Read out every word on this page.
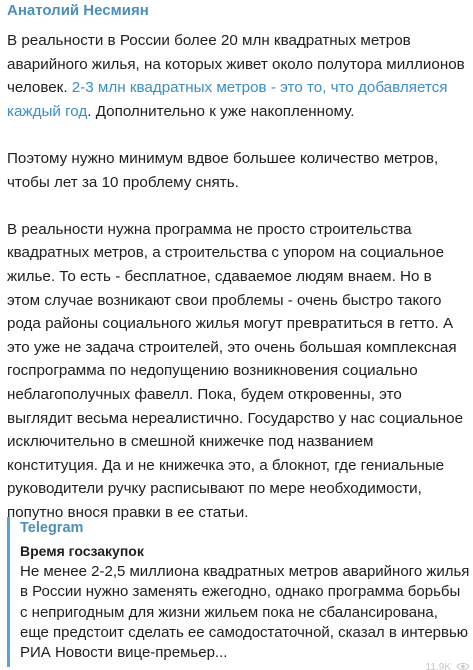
Анатолий Несмиян

В реальности в России более 20 млн квадратных метров аварийного жилья, на которых живет около полутора миллионов человек. 2-3 млн квадратных метров - это то, что добавляется каждый год. Дополнительно к уже накопленному.

Поэтому нужно минимум вдвое большее количество метров, чтобы лет за 10 проблему снять.

В реальности нужна программа не просто строительства квадратных метров, а строительства с упором на социальное жилье. То есть - бесплатное, сдаваемое людям внаем. Но в этом случае возникают свои проблемы - очень быстро такого рода районы социального жилья могут превратиться в гетто. А это уже не задача строителей, это очень большая комплексная госпрограмма по недопущению возникновения социально неблагополучных фавелл. Пока, будем откровенны, это выглядит весьма нереалистично. Государство у нас социальное исключительно в смешной книжечке под названием конституция. Да и не книжечка это, а блокнот, где гениальные руководители ручку расписывают по мере необходимости, попутно внося правки в ее статьи.

Telegram
Время госзакупок
Не менее 2-2,5 миллиона квадратных метров аварийного жилья в России нужно заменять ежегодно, однако программа борьбы с непригодным для жизни жильем пока не сбалансирована, еще предстоит сделать ее самодостаточной, сказал в интервью РИА Новости вице-премьер...
11.9K
